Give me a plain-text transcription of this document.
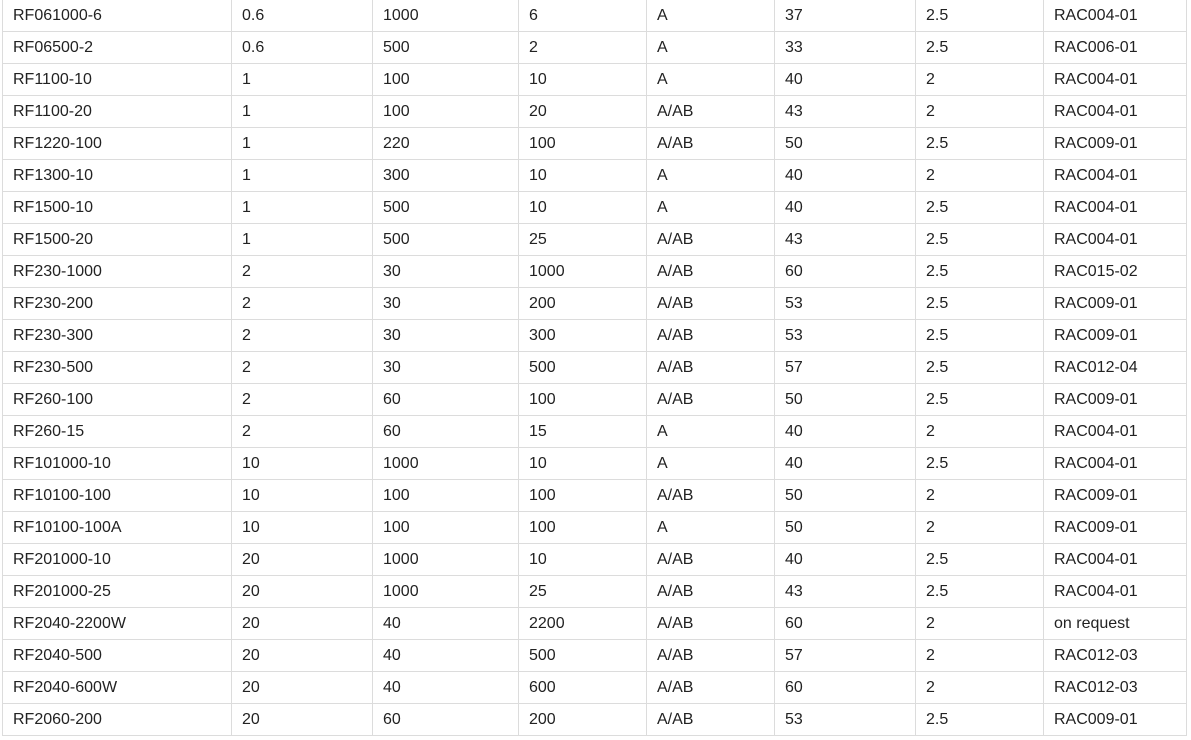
RF061000-6	0.6	1000	6	A	37	2.5	RAC004-01
RF06500-2	0.6	500	2	A	33	2.5	RAC006-01
RF1100-10	1	100	10	A	40	2	RAC004-01
RF1100-20	1	100	20	A/AB	43	2	RAC004-01
RF1220-100	1	220	100	A/AB	50	2.5	RAC009-01
RF1300-10	1	300	10	A	40	2	RAC004-01
RF1500-10	1	500	10	A	40	2.5	RAC004-01
RF1500-20	1	500	25	A/AB	43	2.5	RAC004-01
RF230-1000	2	30	1000	A/AB	60	2.5	RAC015-02
RF230-200	2	30	200	A/AB	53	2.5	RAC009-01
RF230-300	2	30	300	A/AB	53	2.5	RAC009-01
RF230-500	2	30	500	A/AB	57	2.5	RAC012-04
RF260-100	2	60	100	A/AB	50	2.5	RAC009-01
RF260-15	2	60	15	A	40	2	RAC004-01
RF101000-10	10	1000	10	A	40	2.5	RAC004-01
RF10100-100	10	100	100	A/AB	50	2	RAC009-01
RF10100-100A	10	100	100	A	50	2	RAC009-01
RF201000-10	20	1000	10	A/AB	40	2.5	RAC004-01
RF201000-25	20	1000	25	A/AB	43	2.5	RAC004-01
RF2040-2200W	20	40	2200	A/AB	60	2	on request
RF2040-500	20	40	500	A/AB	57	2	RAC012-03
RF2040-600W	20	40	600	A/AB	60	2	RAC012-03
RF2060-200	20	60	200	A/AB	53	2.5	RAC009-01
